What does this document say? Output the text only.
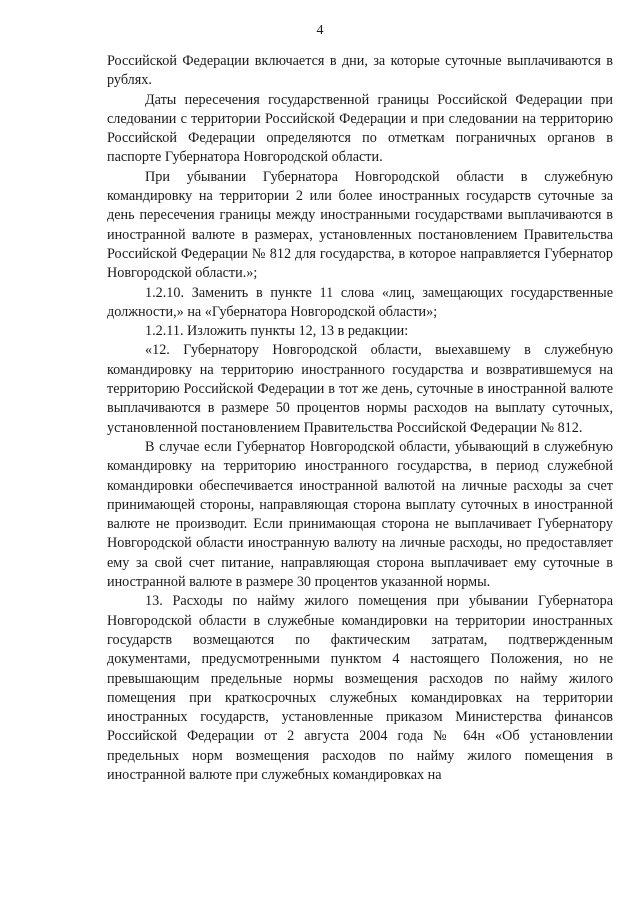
4

Российской Федерации включается в дни, за которые суточные выплачиваются в рублях.

Даты пересечения государственной границы Российской Федерации при следовании с территории Российской Федерации и при следовании на территорию Российской Федерации определяются по отметкам пограничных органов в паспорте Губернатора Новгородской области.

При убывании Губернатора Новгородской области в служебную командировку на территории 2 или более иностранных государств суточные за день пересечения границы между иностранными государствами выплачиваются в иностранной валюте в размерах, установленных постановлением Правительства Российской Федерации № 812 для государства, в которое направляется Губернатор Новгородской области.»;

1.2.10. Заменить в пункте 11 слова «лиц, замещающих государственные должности,» на «Губернатора Новгородской области»;

1.2.11. Изложить пункты 12, 13 в редакции:

«12. Губернатору Новгородской области, выехавшему в служебную командировку на территорию иностранного государства и возвратившемуся на территорию Российской Федерации в тот же день, суточные в иностранной валюте выплачиваются в размере 50 процентов нормы расходов на выплату суточных, установленной постановлением Правительства Российской Федерации № 812.

В случае если Губернатор Новгородской области, убывающий в служебную командировку на территорию иностранного государства, в период служебной командировки обеспечивается иностранной валютой на личные расходы за счет принимающей стороны, направляющая сторона выплату суточных в иностранной валюте не производит. Если принимающая сторона не выплачивает Губернатору Новгородской области иностранную валюту на личные расходы, но предоставляет ему за свой счет питание, направляющая сторона выплачивает ему суточные в иностранной валюте в размере 30 процентов указанной нормы.

13. Расходы по найму жилого помещения при убывании Губернатора Новгородской области в служебные командировки на территории иностранных государств возмещаются по фактическим затратам, подтвержденным документами, предусмотренными пунктом 4 настоящего Положения, но не превышающим предельные нормы возмещения расходов по найму жилого помещения при краткосрочных служебных командировках на территории иностранных государств, установленные приказом Министерства финансов Российской Федерации от 2 августа 2004 года № 64н «Об установлении предельных норм возмещения расходов по найму жилого помещения в иностранной валюте при служебных командировках на
